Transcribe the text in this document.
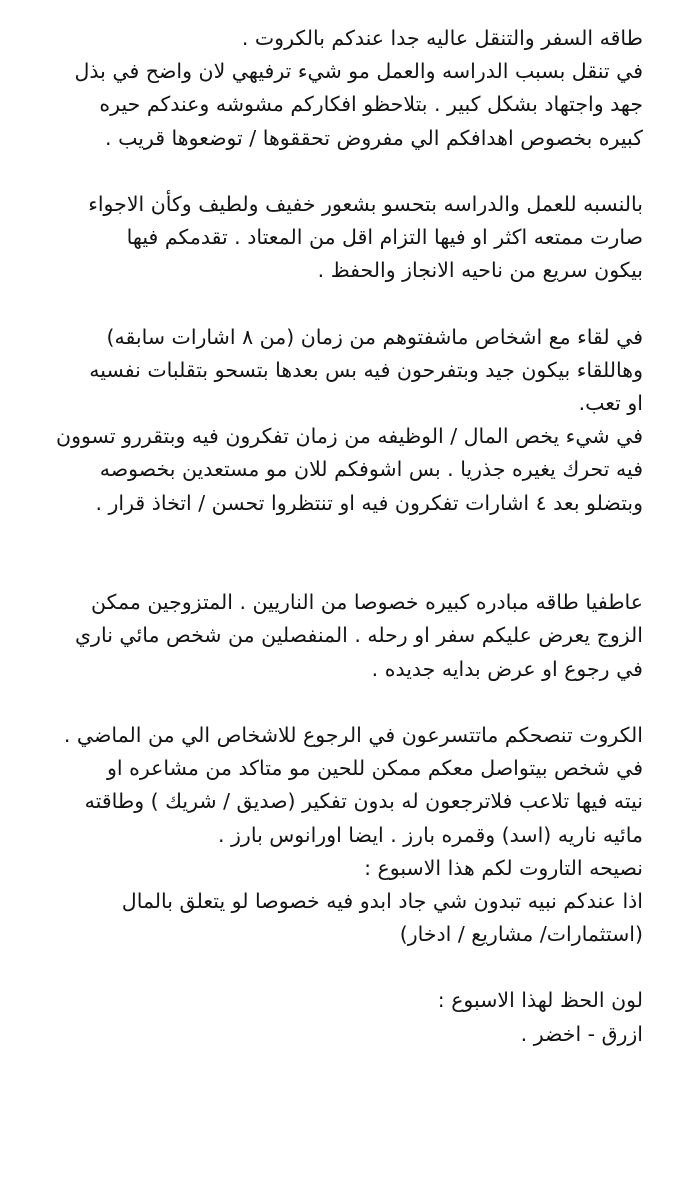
طاقه السفر والتنقل عاليه جدا عندكم بالكروت .
في تنقل بسبب الدراسه والعمل مو شيء ترفيهي لان واضح في بذل
جهد واجتهاد بشكل كبير . بتلاحظو افكاركم مشوشه وعندكم حيره
كبيره بخصوص اهدافكم الي مفروض تحققوها / توضعوها قريب .
بالنسبه للعمل والدراسه بتحسو بشعور خفيف ولطيف وكأن الاجواء
صارت ممتعه اكثر او فيها التزام اقل من المعتاد . تقدمكم فيها
بيكون سريع من ناحيه الانجاز والحفظ .
في لقاء مع اشخاص ماشفتوهم من زمان (من ٨ اشارات سابقه)
وهاللقاء بيكون جيد وبتفرحون فيه بس بعدها بتسحو بتقلبات نفسيه
او تعب.
في شيء يخص المال / الوظيفه من زمان تفكرون فيه وبتقررو تسوون
فيه تحرك يغيره جذريا . بس اشوفكم للان مو مستعدين بخصوصه
وبتضلو بعد ٤ اشارات تفكرون فيه او تنتظروا تحسن / اتخاذ قرار .
عاطفيا طاقه مبادره كبيره خصوصا من الناريين . المتزوجين ممكن
الزوج يعرض عليكم سفر او رحله . المنفصلين من شخص مائي ناري
في رجوع او عرض بدايه جديده .
الكروت تنصحكم ماتتسرعون في الرجوع للاشخاص الي من الماضي .
في شخص بيتواصل معكم ممكن للحين مو متاكد من مشاعره او
نيته فيها تلاعب فلاترجعون له بدون تفكير (صديق / شريك ) وطاقته
مائيه ناريه (اسد) وقمره بارز . ايضا اورانوس بارز .
نصيحه التاروت لكم هذا الاسبوع :
اذا عندكم نبيه تبدون شي جاد ابدو فيه خصوصا لو يتعلق بالمال
(استثمارات/ مشاريع / ادخار)
لون الحظ لهذا الاسبوع :
ازرق - اخضر .
